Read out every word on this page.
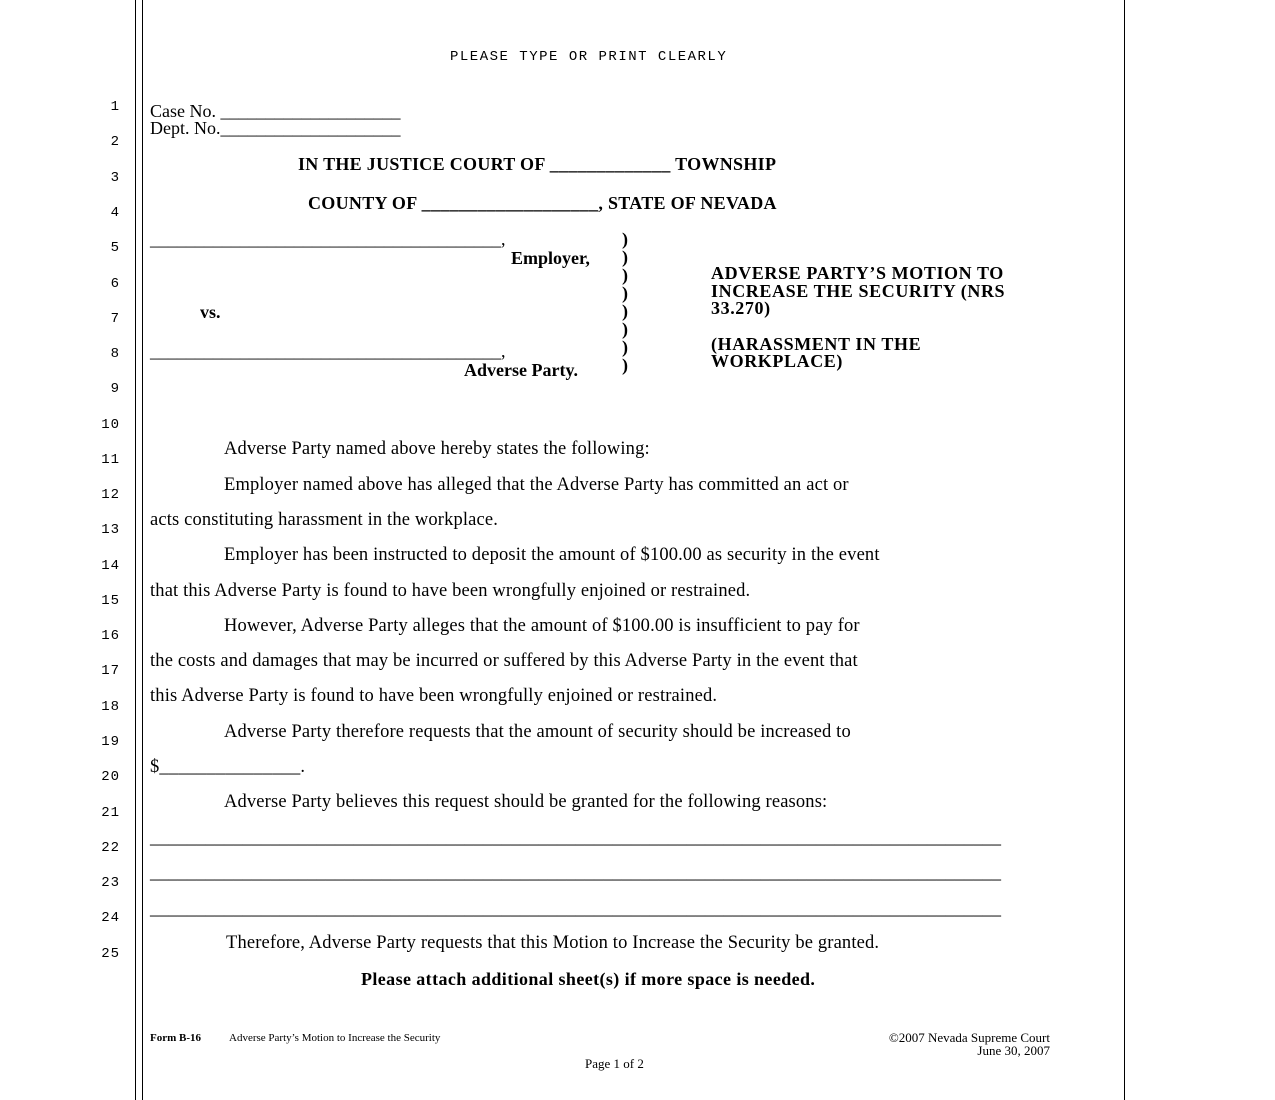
PLEASE TYPE OR PRINT CLEARLY
1
2
3
4
5
6
7
8
9
10
11
12
13
14
15
16
17
18
19
20
21
22
23
24
25
Case No. ____________________
Dept. No.____________________
IN THE JUSTICE COURT OF _____________ TOWNSHIP
COUNTY OF ___________________, STATE OF NEVADA
_______________________________________,
Employer,
vs.
_______________________________________,
Adverse Party.
)
)
)
)
)
)
)
)
ADVERSE PARTY’S MOTION TO
INCREASE THE SECURITY (NRS
33.270)
(HARASSMENT IN THE
WORKPLACE)
Adverse Party named above hereby states the following:
Employer named above has alleged that the Adverse Party has committed an act or
acts constituting harassment in the workplace.
Employer has been instructed to deposit the amount of $100.00 as security in the event
that this Adverse Party is found to have been wrongfully enjoined or restrained.
However, Adverse Party alleges that the amount of $100.00 is insufficient to pay for
the costs and damages that may be incurred or suffered by this Adverse Party in the event that
this Adverse Party is found to have been wrongfully enjoined or restrained.
Adverse Party therefore requests that the amount of security should be increased to
$_______________.
Adverse Party believes this request should be granted for the following reasons:
____________________________________________________________________________________________
____________________________________________________________________________________________
____________________________________________________________________________________________
Therefore, Adverse Party requests that this Motion to Increase the Security be granted.
Please attach additional sheet(s) if more space is needed.
Form B-16	Adverse Party’s Motion to Increase the Security	©2007 Nevada Supreme Court
June 30, 2007
Page 1 of 2
